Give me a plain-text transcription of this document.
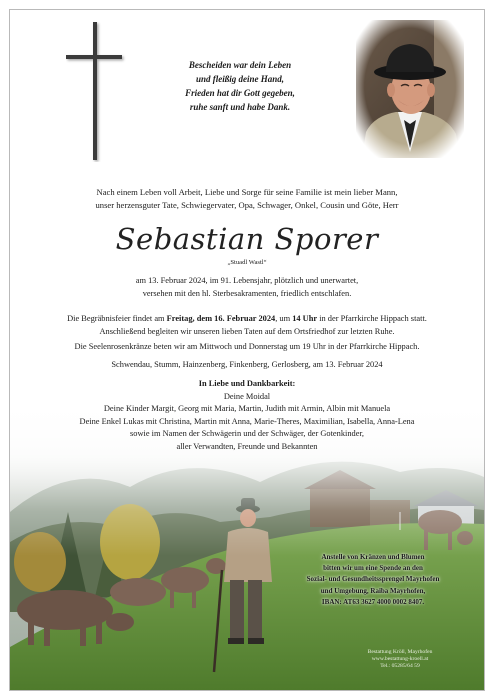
Bescheiden war dein Leben
und fleißig deine Hand,
Frieden hat dir Gott gegeben,
ruhe sanft und habe Dank.
Nach einem Leben voll Arbeit, Liebe und Sorge für seine Familie ist mein lieber Mann,
unser herzensguter Tate, Schwiegervater, Opa, Schwager, Onkel, Cousin und Göte, Herr
Sebastian Sporer
„Stuadl Wastl“
am 13. Februar 2024, im 91. Lebensjahr, plötzlich und unerwartet,
versehen mit den hl. Sterbesakramenten, friedlich entschlafen.
Die Begräbnisfeier findet am Freitag, dem 16. Februar 2024, um 14 Uhr in der Pfarrkirche Hippach statt.
Anschließend begleiten wir unseren lieben Taten auf dem Ortsfriedhof zur letzten Ruhe.
Die Seelenrosenkränze beten wir am Mittwoch und Donnerstag um 19 Uhr in der Pfarrkirche Hippach.
Schwendau, Stumm, Hainzenberg, Finkenberg, Gerlosberg, am 13. Februar 2024
In Liebe und Dankbarkeit:
Deine Moidal
Deine Kinder Margit, Georg mit Maria, Martin, Judith mit Armin, Albin mit Manuela
Deine Enkel Lukas mit Christina, Martin mit Anna, Marie-Theres, Maximilian, Isabella, Anna-Lena
sowie im Namen der Schwägerin und der Schwäger, der Gotenkinder,
aller Verwandten, Freunde und Bekannten
Anstelle von Kränzen und Blumen
bitten wir um eine Spende an den
Sozial- und Gesundheitssprengel Mayrhofen
und Umgebung, Raiba Mayrhofen,
IBAN: AT63 3627 4000 0002 8407.
Bestattung Kröll, Mayrhofen
www.bestattung-kroell.at
Tel.: 05285/64 59
